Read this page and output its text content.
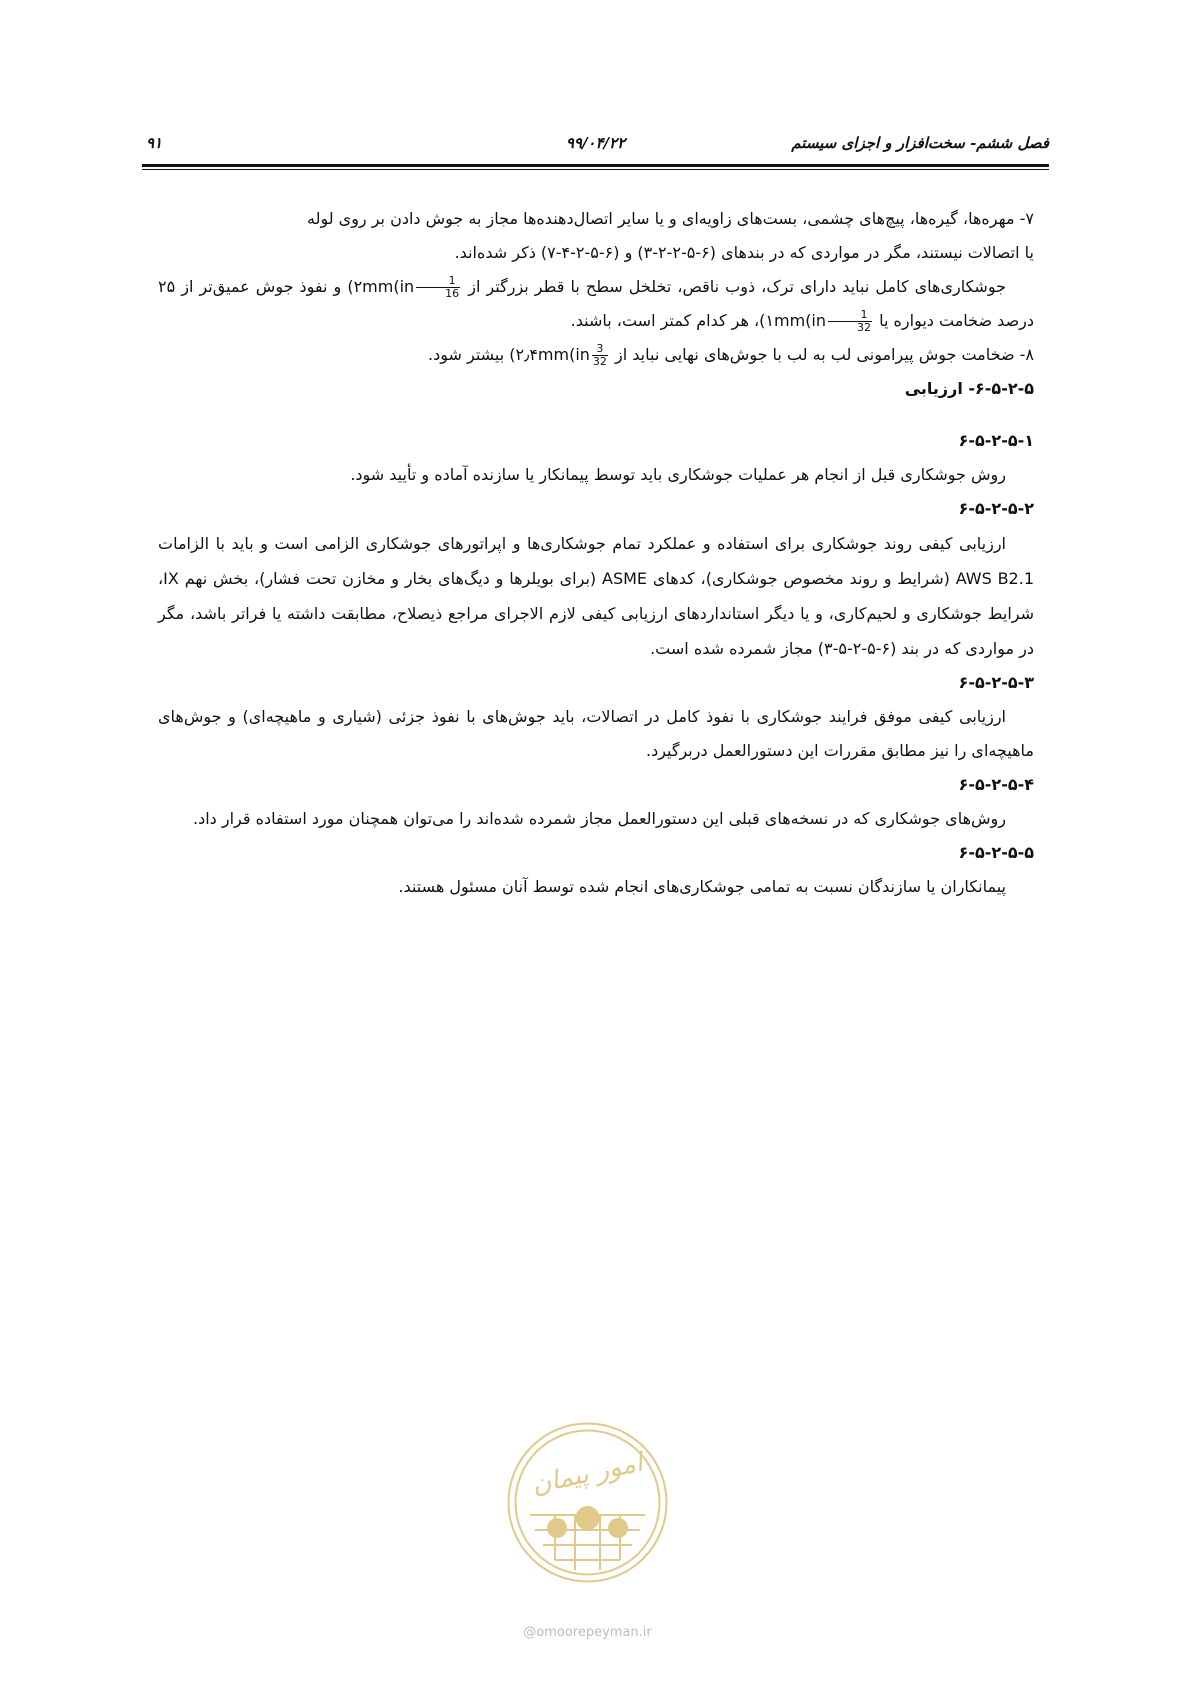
فصل ششم- سخت‌افزار و اجزای سیستم
۹۹/۰۴/۲۲
۹۱

۷- مهره‌ها، گیره‌ها، پیچ‌های چشمی، بست‌های زاویه‌ای و یا سایر اتصال‌دهنده‌ها مجاز به جوش دادن بر روی لوله
یا اتصالات نیستند، مگر در مواردی که در بندهای (۶-۵-۲-۲-۳) و (۶-۵-۲-۴-۷) ذکر شده‌اند.

جوشکاری‌های کامل نباید دارای ترک، ذوب ناقص، تخلخل سطح با قطر بزرگتر از ۲mm(in $\frac{1}{16}$
) و نفوذ جوش عمیق‌تر از ۲۵ درصد ضخامت دیواره یا ۱mm(in $\frac{1}{32}$
)، هر کدام کمتر است، باشند.

۸- ضخامت جوش پیرامونی لب به لب با جوش‌های نهایی نباید از ۲٫۴mm(in $\frac{3}{32}$
) بیشتر شود.

۶-۵-۲-۵- ارزیابی

۶-۵-۲-۵-۱

روش جوشکاری قبل از انجام هر عملیات جوشکاری باید توسط پیمانکار یا سازنده آماده و تأیید شود.

۶-۵-۲-۵-۲

ارزیابی کیفی روند جوشکاری برای استفاده و عملکرد تمام جوشکاری‌ها و اپراتورهای جوشکاری الزامی است و باید با الزامات AWS B2.1 (شرایط و روند مخصوص جوشکاری)، کدهای ASME (برای بویلرها و دیگ‌های بخار و مخازن تحت فشار)، بخش نهم IX، شرایط جوشکاری و لحیم‌کاری، و یا دیگر استانداردهای ارزیابی کیفی لازم الاجرای مراجع ذیصلاح، مطابقت داشته یا فراتر باشد، مگر در مواردی که در بند (۶-۵-۲-۵-۳) مجاز شمرده شده است.

۶-۵-۲-۵-۳

ارزیابی کیفی موفق فرایند جوشکاری با نفوذ کامل در اتصالات، باید جوش‌های با نفوذ جزئی (شیاری و ماهیچه‌ای) و جوش‌های ماهیچه‌ای را نیز مطابق مقررات این دستورالعمل دربرگیرد.

۶-۵-۲-۵-۴

روش‌های جوشکاری که در نسخه‌های قبلی این دستورالعمل مجاز شمرده شده‌اند را می‌توان همچنان مورد استفاده قرار داد.

۶-۵-۲-۵-۵

پیمانکاران یا سازندگان نسبت به تمامی جوشکاری‌های انجام شده توسط آنان مسئول هستند.

امور پیمان
@omoorepeyman.ir
